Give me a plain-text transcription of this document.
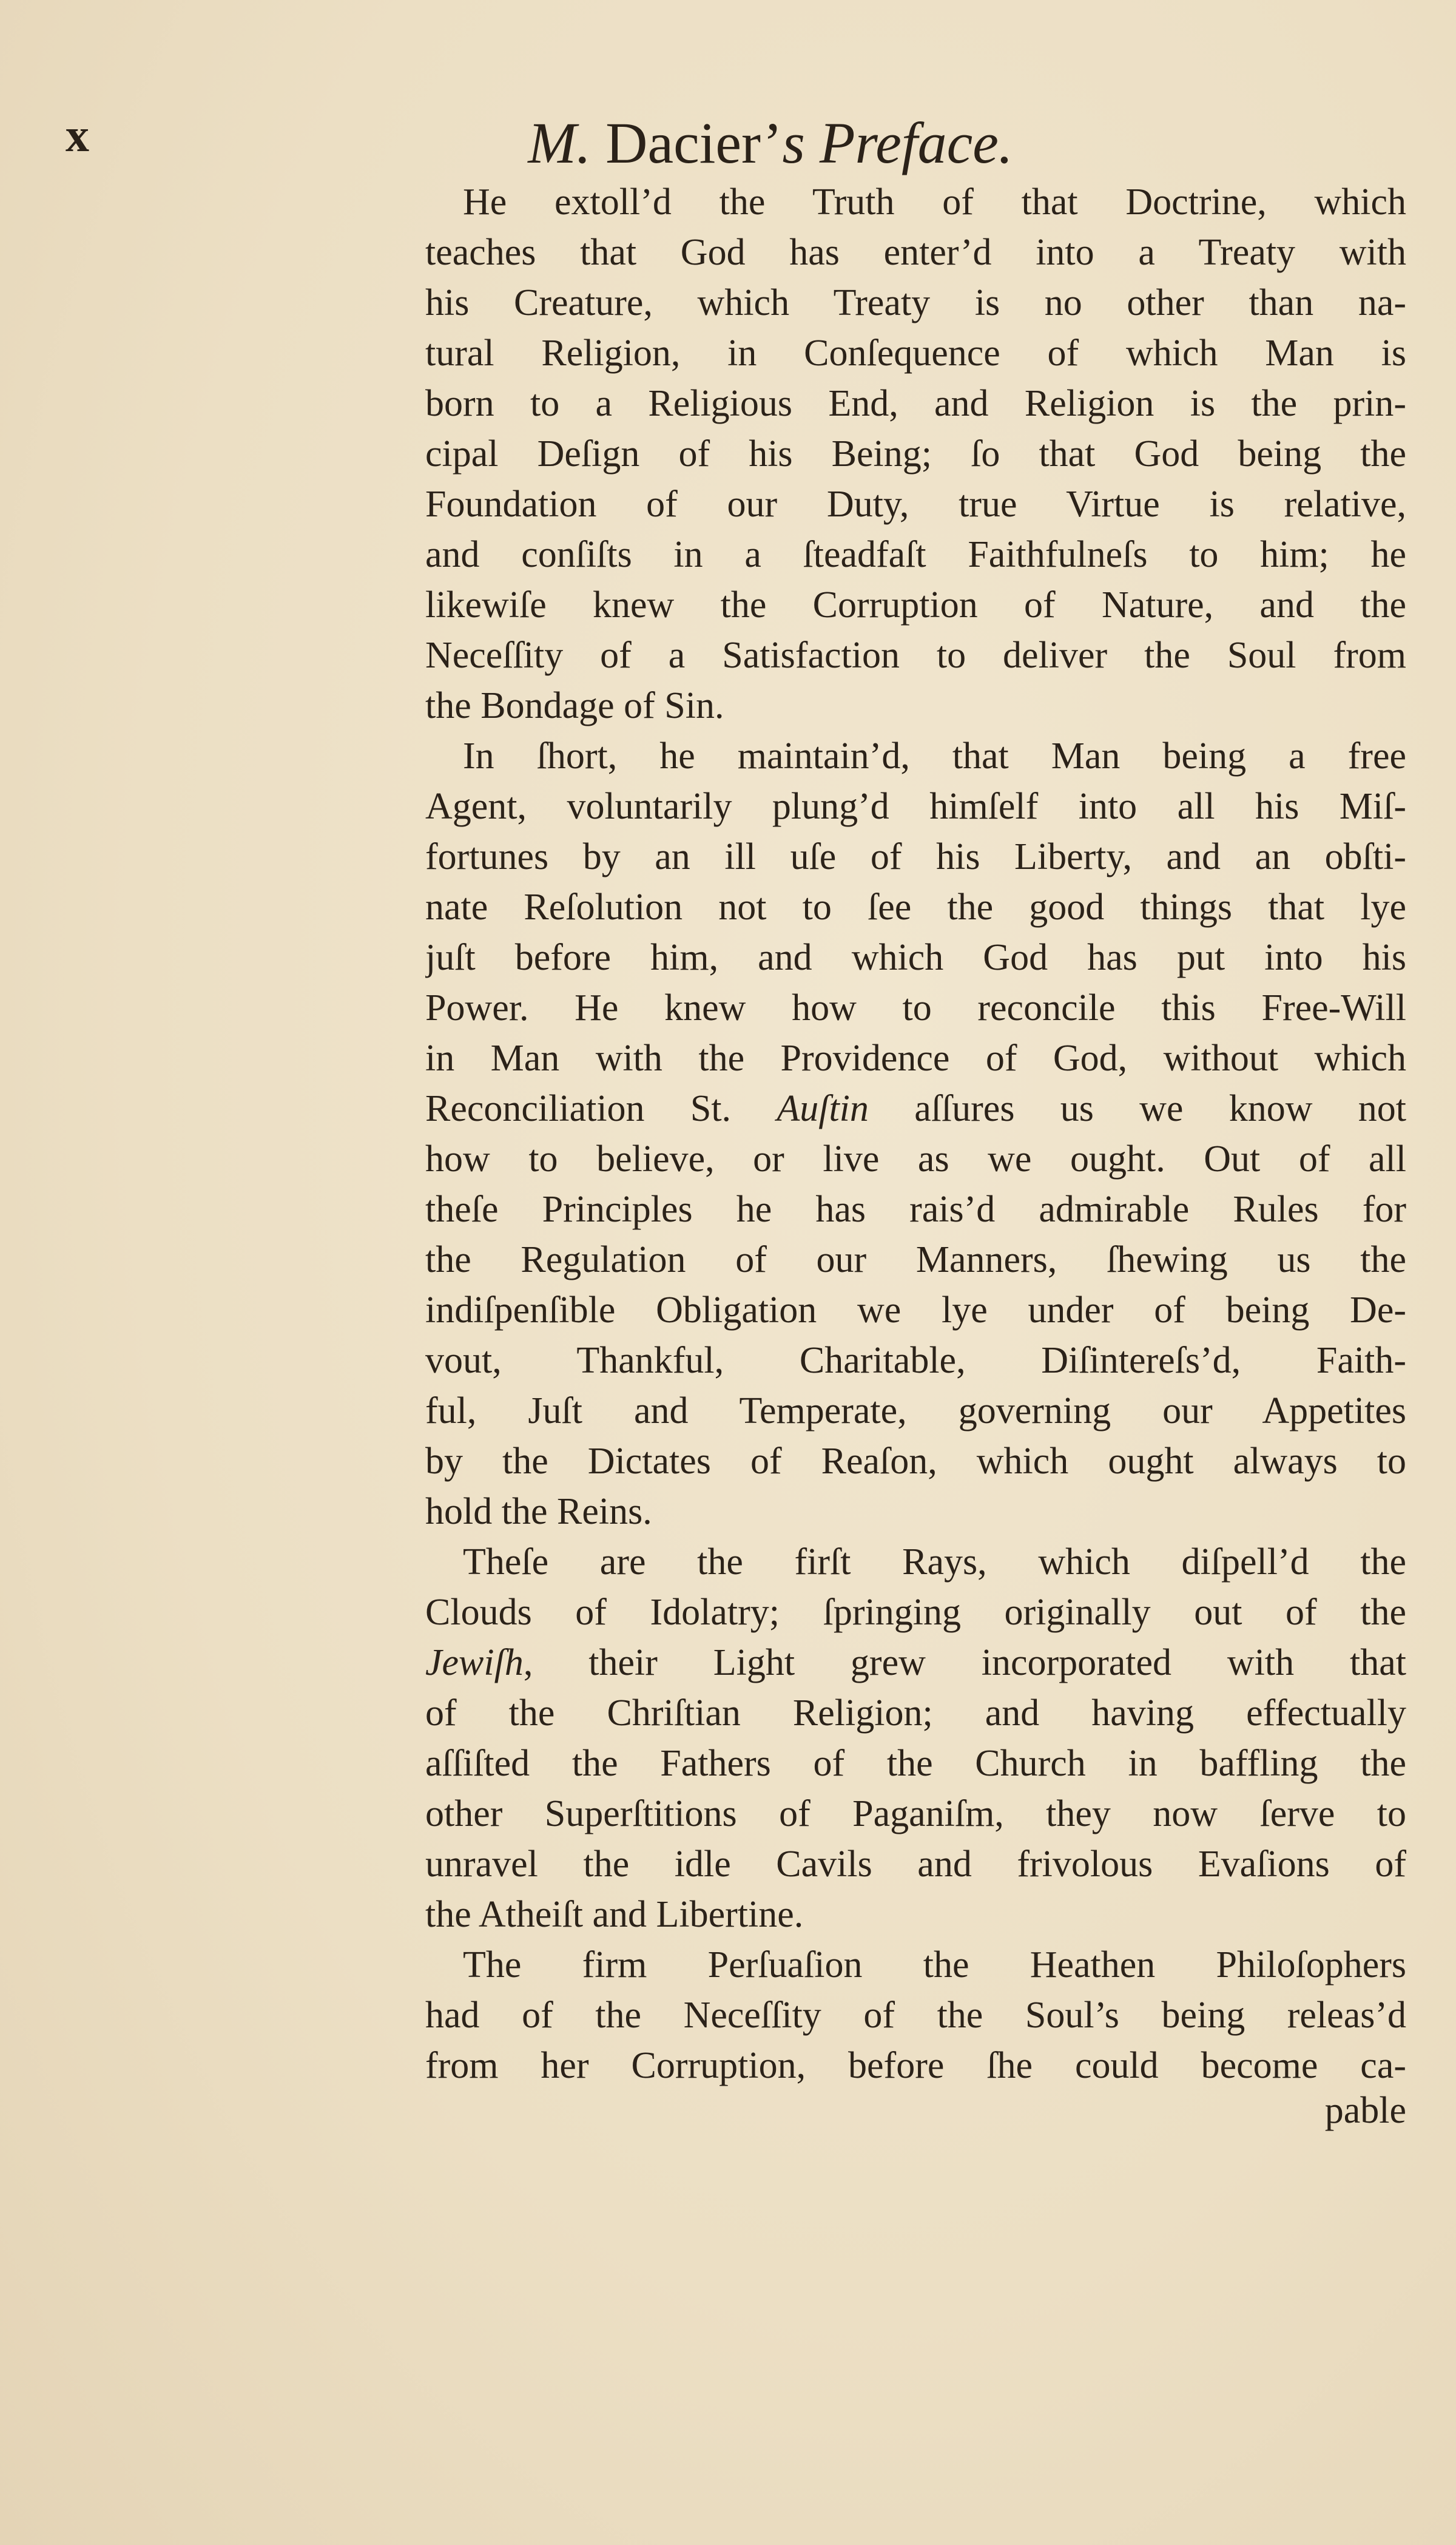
x	M. Dacier’s Preface.
He extoll’d the Truth of that Doctrine, which
teaches that God has enter’d into a Treaty with
his Creature, which Treaty is no other than na-
tural Religion, in Conſequence of which Man is
born to a Religious End, and Religion is the prin-
cipal Deſign of his Being; ſo that God being the
Foundation of our Duty, true Virtue is relative,
and conſiſts in a ſteadfaſt Faithfulneſs to him; he
likewiſe knew the Corruption of Nature, and the
Neceſſity of a Satisfaction to deliver the Soul from
the Bondage of Sin.
In ſhort, he maintain’d, that Man being a free
Agent, voluntarily plung’d himſelf into all his Miſ-
fortunes by an ill uſe of his Liberty, and an obſti-
nate Reſolution not to ſee the good things that lye
juſt before him, and which God has put into his
Power. He knew how to reconcile this Free-Will
in Man with the Providence of God, without which
Reconciliation St. Auſtin aſſures us we know not
how to believe, or live as we ought. Out of all
theſe Principles he has rais’d admirable Rules for
the Regulation of our Manners, ſhewing us the
indiſpenſible Obligation we lye under of being De-
vout, Thankful, Charitable, Diſintereſs’d, Faith-
ful, Juſt and Temperate, governing our Appetites
by the Dictates of Reaſon, which ought always to
hold the Reins.
Theſe are the firſt Rays, which diſpell’d the
Clouds of Idolatry; ſpringing originally out of the
Jewiſh, their Light grew incorporated with that
of the Chriſtian Religion; and having effectually
aſſiſted the Fathers of the Church in baffling the
other Superſtitions of Paganiſm, they now ſerve to
unravel the idle Cavils and frivolous Evaſions of
the Atheiſt and Libertine.
The firm Perſuaſion the Heathen Philoſophers
had of the Neceſſity of the Soul’s being releas’d
from her Corruption, before ſhe could become ca-
pable
